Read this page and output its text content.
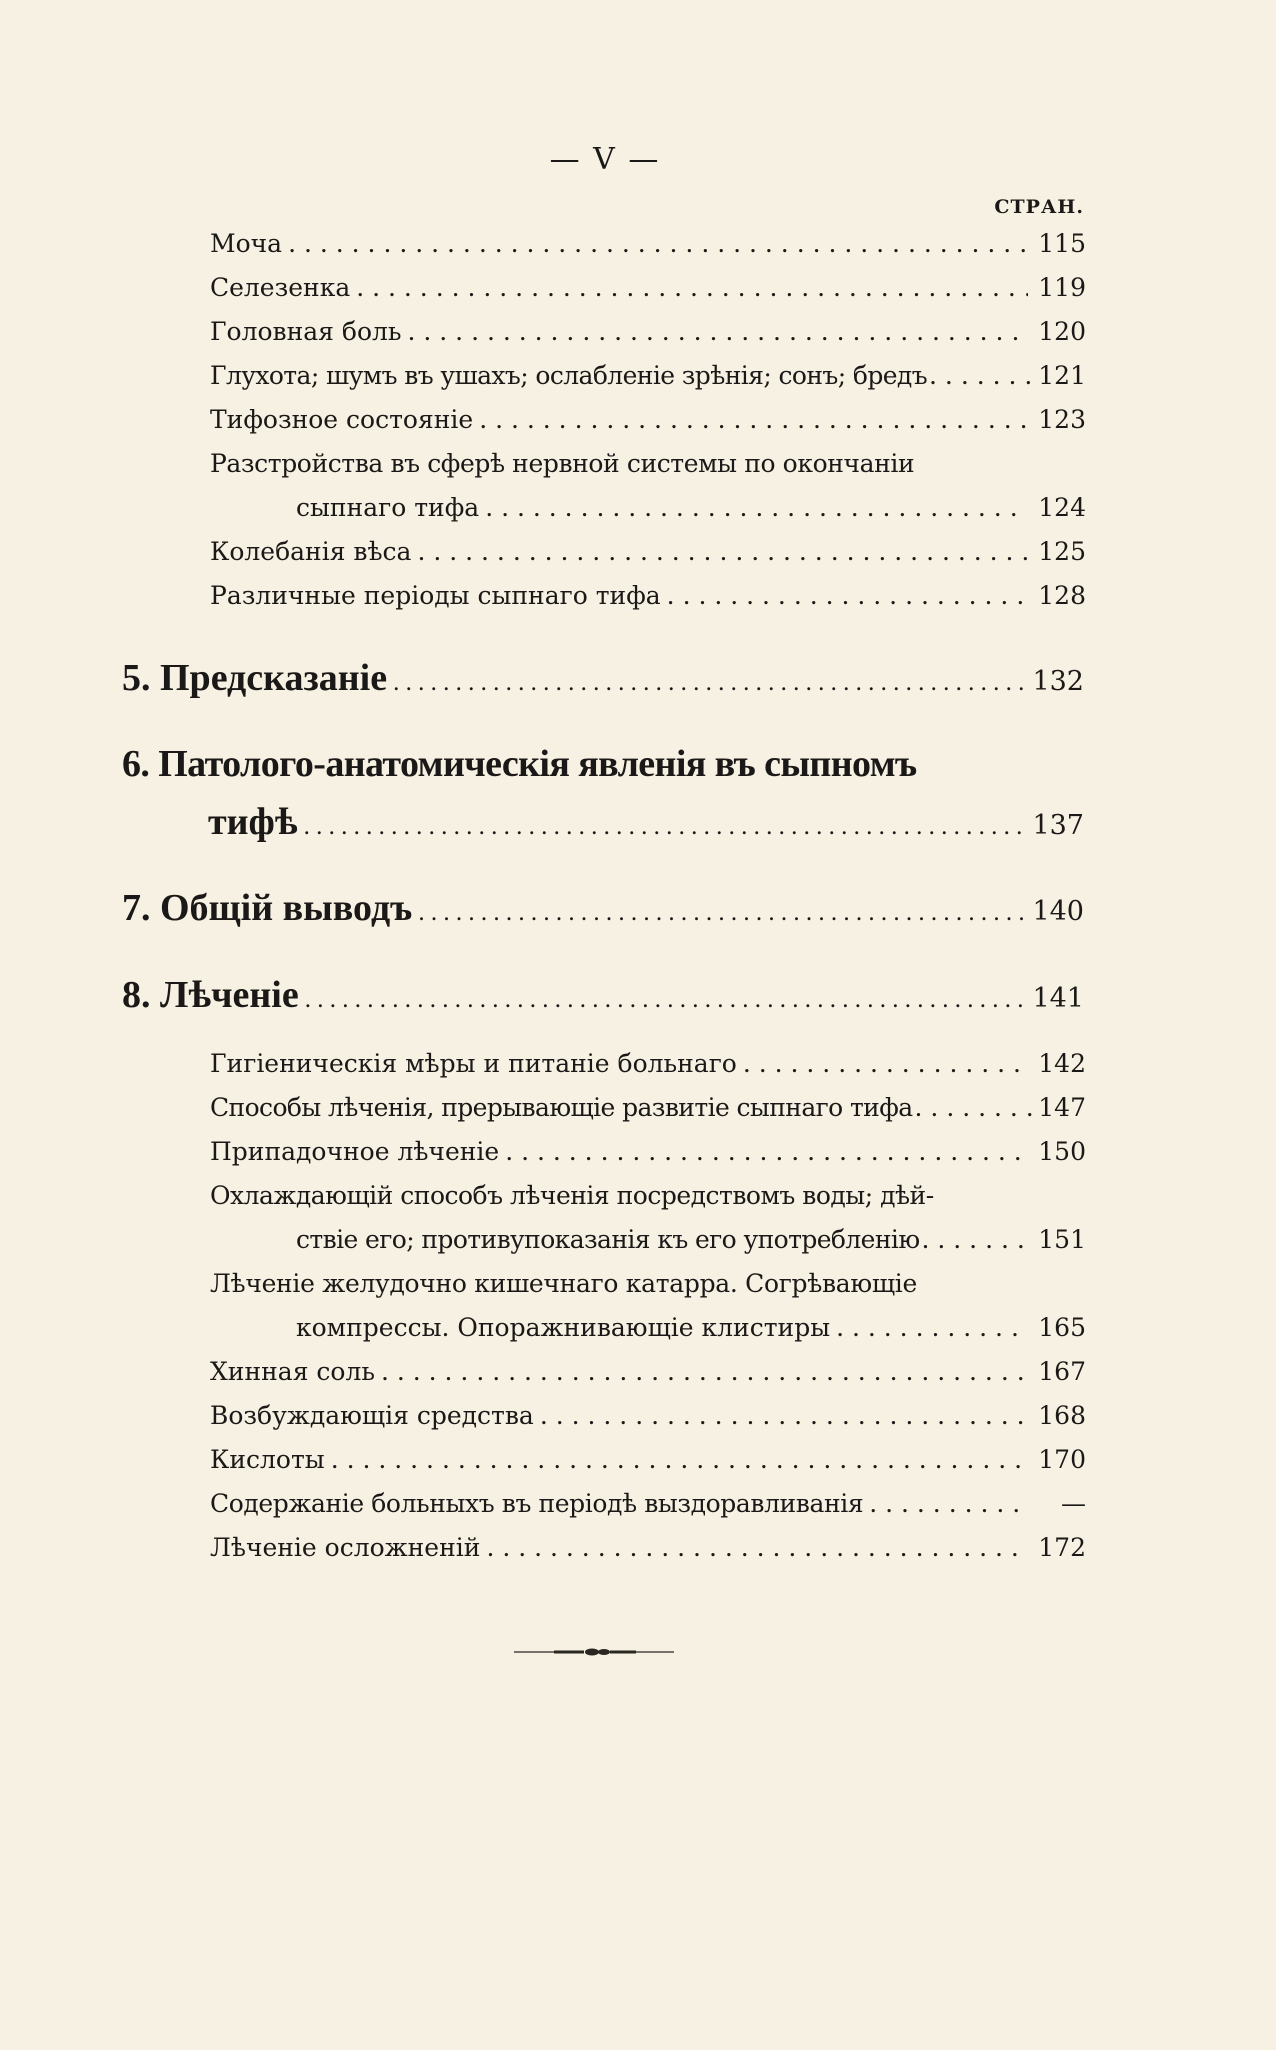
— V —
СТРАН.
Моча . . .	115
Селезенка . . .	119
Головная боль . . .	120
Глухота; шумъ въ ушахъ; ослабленіе зрѣнія; сонъ; бредъ . . .	121
Тифозное состояніе . . .	123
Разстройства въ сферѣ нервной системы по окончаніи
сыпнаго тифа . . .	124
Колебанія вѣса . . .	125
Различные періоды сыпнаго тифа . . .	128
5. Предсказаніе . . .	132
6. Патолого-анатомическія явленія въ сыпномъ
тифѣ . . .	137
7. Общій выводъ . . .	140
8. Лѣченіе . . .	141
Гигіеническія мѣры и питаніе больнаго . . .	142
Способы лѣченія, прерывающіе развитіе сыпнаго тифа . . .	147
Припадочное лѣченіе . . .	150
Охлаждающій способъ лѣченія посредствомъ воды; дѣй-
ствіе его; противупоказанія къ его употребленію . . .	151
Лѣченіе желудочно кишечнаго катарра. Согрѣвающіе
компрессы. Опоражнивающіе клистиры . . .	165
Хинная соль . . .	167
Возбуждающія средства . . .	168
Кислоты . . .	170
Содержаніе больныхъ въ періодѣ выздоравливанія . . .	—
Лѣченіе осложненій . . .	172
